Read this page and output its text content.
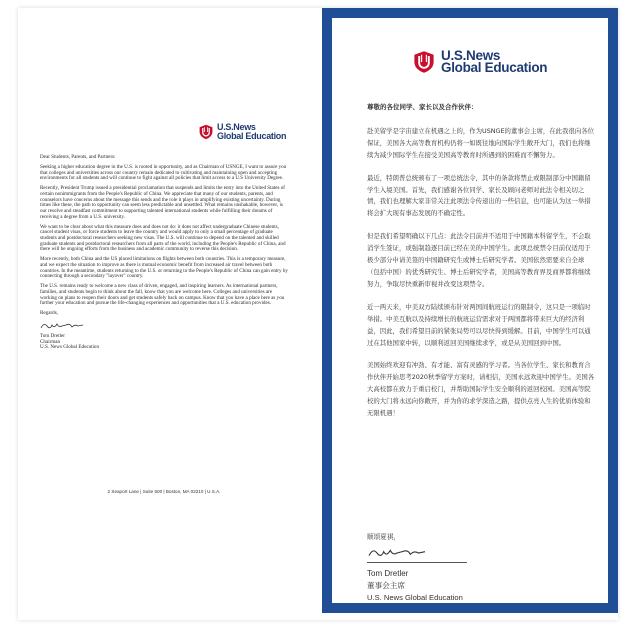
U.S.News
Global Education

Dear Students, Parents, and Partners:

Seeking a higher education degree in the U.S. is rooted in opportunity, and as Chairman of USNGE, I want to assure you that colleges and universities across our country remain dedicated to cultivating and maintaining open and accepting environments for all students and will continue to fight against all policies that limit access to a U.S University Degree.

Recently, President Trump issued a presidential proclamation that suspends and limits the entry into the United States of certain nonimmigrants from the People's Republic of China. We appreciate that many of our students, parents, and counselors have concerns about the message this sends and the role it plays in amplifying existing uncertainty. During times like these, the path to opportunity can seem less predictable and unsettled. What remains unshakable, however, is our resolve and steadfast commitment to supporting talented international students while fulfilling their dreams of receiving a degree from a U.S. university.

We want to be clear about what this measure does and does not do: it does not affect undergraduate Chinese students, cancel student visas, or force students to leave the country and would apply to only a small percentage of graduate students and postdoctoral researchers seeking new visas. The U.S. will continue to depend on the talented and skilled graduate students and postdoctoral researchers from all parts of the world, including the People's Republic of China, and there will be ongoing efforts from the business and academic community to reverse this decision.

More recently, both China and the US placed limitations on flights between both countries. This is a temporary measure, and we expect the situation to improve as there is mutual economic benefit from increased air travel between both countries. In the meantime, students returning to the U.S. or returning to the People's Republic of China can gain entry by connecting through a secondary "layover" country.

The U.S. remains ready to welcome a new class of driven, engaged, and inspiring learners. As international partners, families, and students begin to think about the fall, know that you are welcome here. Colleges and universities are working on plans to reopen their doors and get students safely back on campus. Know that you have a place here as you further your education and pursue the life-changing experiences and opportunities that a U.S. education provides.

Regards,

Tom Dretler

Chairman

U.S. News Global Education

2 Seaport Lane | Suite 500 | Boston, MA 02210 | U.S.A.
U.S.News
Global Education

尊敬的各位同学、家长以及合作伙伴：

赴美留学是宇宙建立在机遇之上的，作为USNGE的董事会主席，在此我很向各位保证，美国各大高等教育机构仍将一如既往地向国际学生敞开大门，我们也将继续为减少国际学生在接受美国高等教育时所遇到的困难而不懈努力。

最近，特朗普总统颁布了一项总统法令，其中的条款将禁止或限制部分中国籍留学生入境美国。首先，我们感谢各位同学、家长及顾问老师对此法令相关切之情，我们也理解大家非常关注此项法令传递出的一些信息，也可能认为这一举措将会扩大现有事态发展的不确定性。

但是我们希望明确以下几点：此法令目前并不适用于中国籍本科留学生，不会取消学生签证，或强制趋逐目前已经在美的中国学生。此项总统禁令目前仅适用于极少部分申请美签的中国籍研究生或博士后研究学者。美国依然需要来自全球（包括中国）的优秀研究生、博士后研究学者，美国高等教育界及商界都将继续努力，争取尽快重新审视并改变这项禁令。

近一两天来，中美双方陆续颁布针对两国间航班运行的限制令，这只是一项临时举措。中美互航以及持续增长的航班运营需求对于两国都将带来巨大的经济利益，因此，我们希望目前的紧张局势可以尽快得到缓解。目前，中国学生可以通过在其他国家中转，以顺利返回美国继续求学，或是从美国回到中国。

美国始终欢迎有冲劲、有才能、富有灵感的学习者。当各位学生、家长和教育合作伙伴开始思考2020秋季留学方案时，请相信，美国永远欢迎中国学生。美国各大高校都在致力于重启校门，并帮助国际学生安全顺利的返回校园。美国高等院校的大门将永远向你敞开，并为你的求学深造之路，提供点亮人生的优质体验和无限机遇！

顺颂夏祺，
Tom Dretler
董事会主席
U.S. News Global Education
